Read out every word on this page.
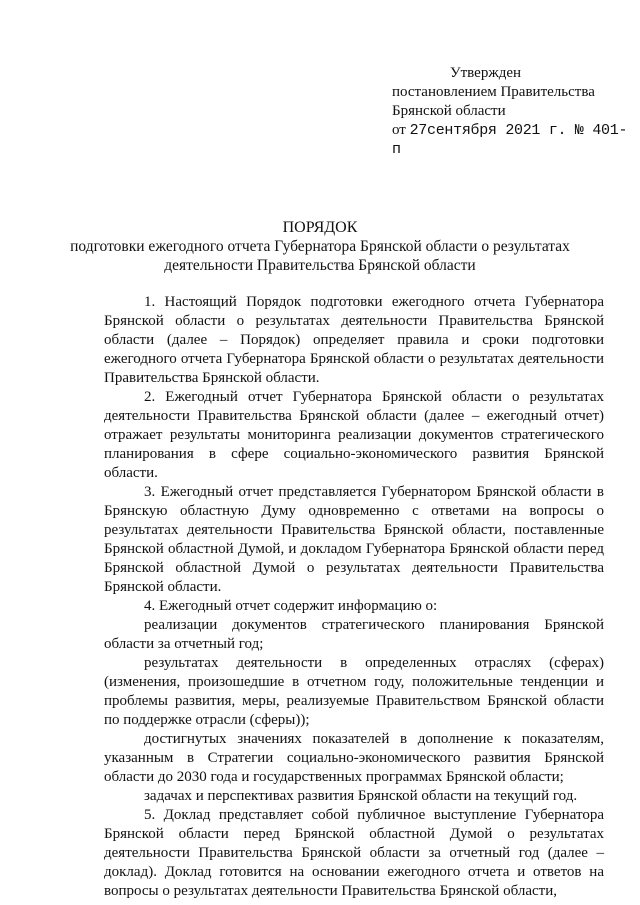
Утвержден
постановлением Правительства
Брянской области
от 27сентября 2021 г. № 401-п
ПОРЯДОК
подготовки ежегодного отчета Губернатора Брянской области о результатах
деятельности Правительства Брянской области

1. Настоящий Порядок подготовки ежегодного отчета Губернатора Брянской области о результатах деятельности Правительства Брянской области (далее – Порядок) определяет правила и сроки подготовки ежегодного отчета Губернатора Брянской области о результатах деятельности Правительства Брянской области.

2. Ежегодный отчет Губернатора Брянской области о результатах деятельности Правительства Брянской области (далее – ежегодный отчет) отражает результаты мониторинга реализации документов стратегического планирования в сфере социально-экономического развития Брянской области.

3. Ежегодный отчет представляется Губернатором Брянской области в Брянскую областную Думу одновременно с ответами на вопросы о результатах деятельности Правительства Брянской области, поставленные Брянской областной Думой, и докладом Губернатора Брянской области перед Брянской областной Думой о результатах деятельности Правительства Брянской области.

4. Ежегодный отчет содержит информацию о:

реализации документов стратегического планирования Брянской области за отчетный год;

результатах деятельности в определенных отраслях (сферах) (изменения, произошедшие в отчетном году, положительные тенденции и проблемы развития, меры, реализуемые Правительством Брянской области по поддержке отрасли (сферы));

достигнутых значениях показателей в дополнение к показателям, указанным в Стратегии социально-экономического развития Брянской области до 2030 года и государственных программах Брянской области;

задачах и перспективах развития Брянской области на текущий год.

5. Доклад представляет собой публичное выступление Губернатора Брянской области перед Брянской областной Думой о результатах деятельности Правительства Брянской области за отчетный год (далее – доклад). Доклад готовится на основании ежегодного отчета и ответов на вопросы о результатах деятельности Правительства Брянской области,
